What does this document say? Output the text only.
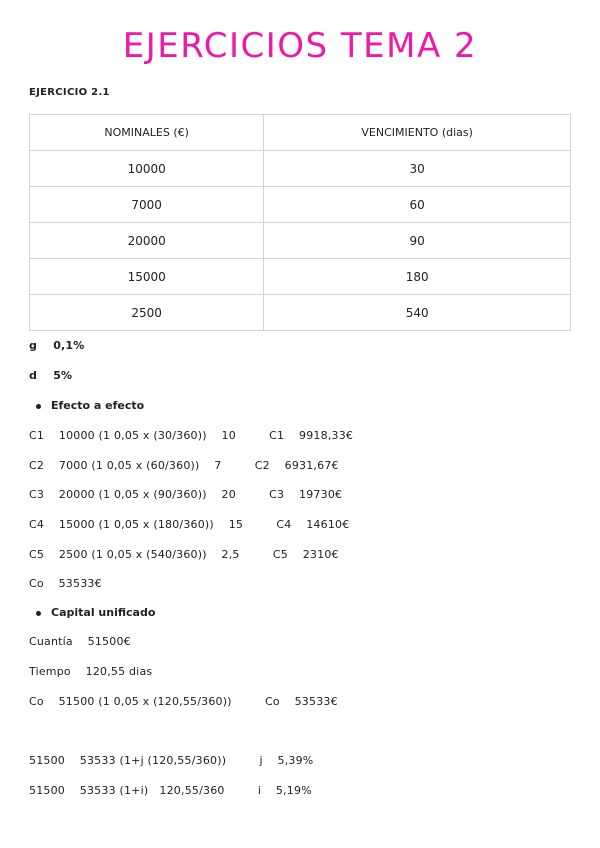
EJERCICIOS TEMA 2
EJERCICIO 2.1
NOMINALES (€)	VENCIMIENTO (dias)
10000	30
7000	60
20000	90
15000	180
2500	540
g    0,1%
d    5%
Efecto a efecto
C1    10000 (1 0,05 x (30/360))    10         C1    9918,33€
C2    7000 (1 0,05 x (60/360))    7         C2    6931,67€
C3    20000 (1 0,05 x (90/360))    20         C3    19730€
C4    15000 (1 0,05 x (180/360))    15         C4    14610€
C5    2500 (1 0,05 x (540/360))    2,5         C5    2310€
Co    53533€
Capital unificado
Cuantía    51500€
Tiempo    120,55 dias
Co    51500 (1 0,05 x (120,55/360))         Co    53533€
51500    53533 (1+j (120,55/360))         j    5,39%
51500    53533 (1+i)   120,55/360         i    5,19%
